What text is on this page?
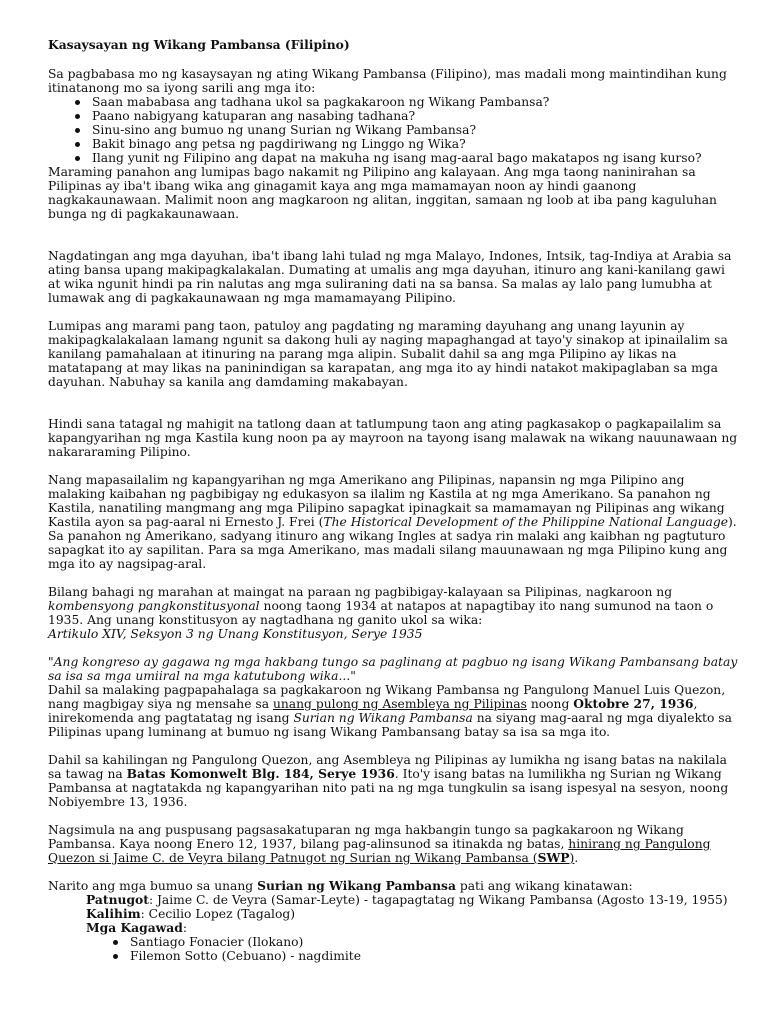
Kasaysayan ng Wikang Pambansa (Filipino)

Sa pagbabasa mo ng kasaysayan ng ating Wikang Pambansa (Filipino), mas madali mong maintindihan kung itinatanong mo sa iyong sarili ang mga ito:

Saan mababasa ang tadhana ukol sa pagkakaroon ng Wikang Pambansa?
Paano nabigyang katuparan ang nasabing tadhana?
Sinu-sino ang bumuo ng unang Surian ng Wikang Pambansa?
Bakit binago ang petsa ng pagdiriwang ng Linggo ng Wika?
Ilang yunit ng Filipino ang dapat na makuha ng isang mag-aaral bago makatapos ng isang kurso?

Maraming panahon ang lumipas bago nakamit ng Pilipino ang kalayaan. Ang mga taong naninirahan sa Pilipinas ay iba't ibang wika ang ginagamit kaya ang mga mamamayan noon ay hindi gaanong nagkakaunawaan. Malimit noon ang magkaroon ng alitan, inggitan, samaan ng loob at iba pang kaguluhan bunga ng di pagkakaunawaan.

Nagdatingan ang mga dayuhan, iba't ibang lahi tulad ng mga Malayo, Indones, Intsik, tag-Indiya at Arabia sa ating bansa upang makipagkalakalan. Dumating at umalis ang mga dayuhan, itinuro ang kani-kanilang gawi at wika ngunit hindi pa rin nalutas ang mga suliraning dati na sa bansa. Sa malas ay lalo pang lumubha at lumawak ang di pagkakaunawaan ng mga mamamayang Pilipino.

Lumipas ang marami pang taon, patuloy ang pagdating ng maraming dayuhang ang unang layunin ay makipagkalakalaan lamang ngunit sa dakong huli ay naging mapaghangad at tayo'y sinakop at ipinailalim sa kanilang pamahalaan at itinuring na parang mga alipin. Subalit dahil sa ang mga Pilipino ay likas na matatapang at may likas na paninindigan sa karapatan, ang mga ito ay hindi natakot makipaglaban sa mga dayuhan. Nabuhay sa kanila ang damdaming makabayan.

Hindi sana tatagal ng mahigit na tatlong daan at tatlumpung taon ang ating pagkasakop o pagkapailalim sa kapangyarihan ng mga Kastila kung noon pa ay mayroon na tayong isang malawak na wikang nauunawaan ng nakararaming Pilipino.

Nang mapasailalim ng kapangyarihan ng mga Amerikano ang Pilipinas, napansin ng mga Pilipino ang malaking kaibahan ng pagbibigay ng edukasyon sa ilalim ng Kastila at ng mga Amerikano. Sa panahon ng Kastila, nanatiling mangmang ang mga Pilipino sapagkat ipinagkait sa mamamayan ng Pilipinas ang wikang Kastila ayon sa pag-aaral ni Ernesto J. Frei (The Historical Development of the Philippine National Language). Sa panahon ng Amerikano, sadyang itinuro ang wikang Ingles at sadya rin malaki ang kaibhan ng pagtuturo sapagkat ito ay sapilitan. Para sa mga Amerikano, mas madali silang mauunawaan ng mga Pilipino kung ang mga ito ay nagsipag-aral.

Bilang bahagi ng marahan at maingat na paraan ng pagbibigay-kalayaan sa Pilipinas, nagkaroon ng kombensyong pangkonstitusyonal noong taong 1934 at natapos at napagtibay ito nang sumunod na taon o 1935. Ang unang konstitusyon ay nagtadhana ng ganito ukol sa wika:

Artikulo XIV, Seksyon 3 ng Unang Konstitusyon, Serye 1935

"Ang kongreso ay gagawa ng mga hakbang tungo sa paglinang at pagbuo ng isang Wikang Pambansang batay sa isa sa mga umiiral na mga katutubong wika..."

Dahil sa malaking pagpapahalaga sa pagkakaroon ng Wikang Pambansa ng Pangulong Manuel Luis Quezon, nang magbigay siya ng mensahe sa unang pulong ng Asembleya ng Pilipinas noong Oktobre 27, 1936, inirekomenda ang pagtatatag ng isang Surian ng Wikang Pambansa na siyang mag-aaral ng mga diyalekto sa Pilipinas upang luminang at bumuo ng isang Wikang Pambansang batay sa isa sa mga ito.

Dahil sa kahilingan ng Pangulong Quezon, ang Asembleya ng Pilipinas ay lumikha ng isang batas na nakilala sa tawag na Batas Komonwelt Blg. 184, Serye 1936. Ito'y isang batas na lumilikha ng Surian ng Wikang Pambansa at nagtatakda ng kapangyarihan nito pati na ng mga tungkulin sa isang ispesyal na sesyon, noong Nobiyembre 13, 1936.

Nagsimula na ang puspusang pagsasakatuparan ng mga hakbangin tungo sa pagkakaroon ng Wikang Pambansa. Kaya noong Enero 12, 1937, bilang pag-alinsunod sa itinakda ng batas, hinirang ng Pangulong Quezon si Jaime C. de Veyra bilang Patnugot ng Surian ng Wikang Pambansa (SWP).

Narito ang mga bumuo sa unang Surian ng Wikang Pambansa pati ang wikang kinatawan:

Patnugot: Jaime C. de Veyra (Samar-Leyte) - tagapagtatag ng Wikang Pambansa (Agosto 13-19, 1955)

Kalihim: Cecilio Lopez (Tagalog)

Mga Kagawad:

Santiago Fonacier (Ilokano)
Filemon Sotto (Cebuano) - nagdimite
